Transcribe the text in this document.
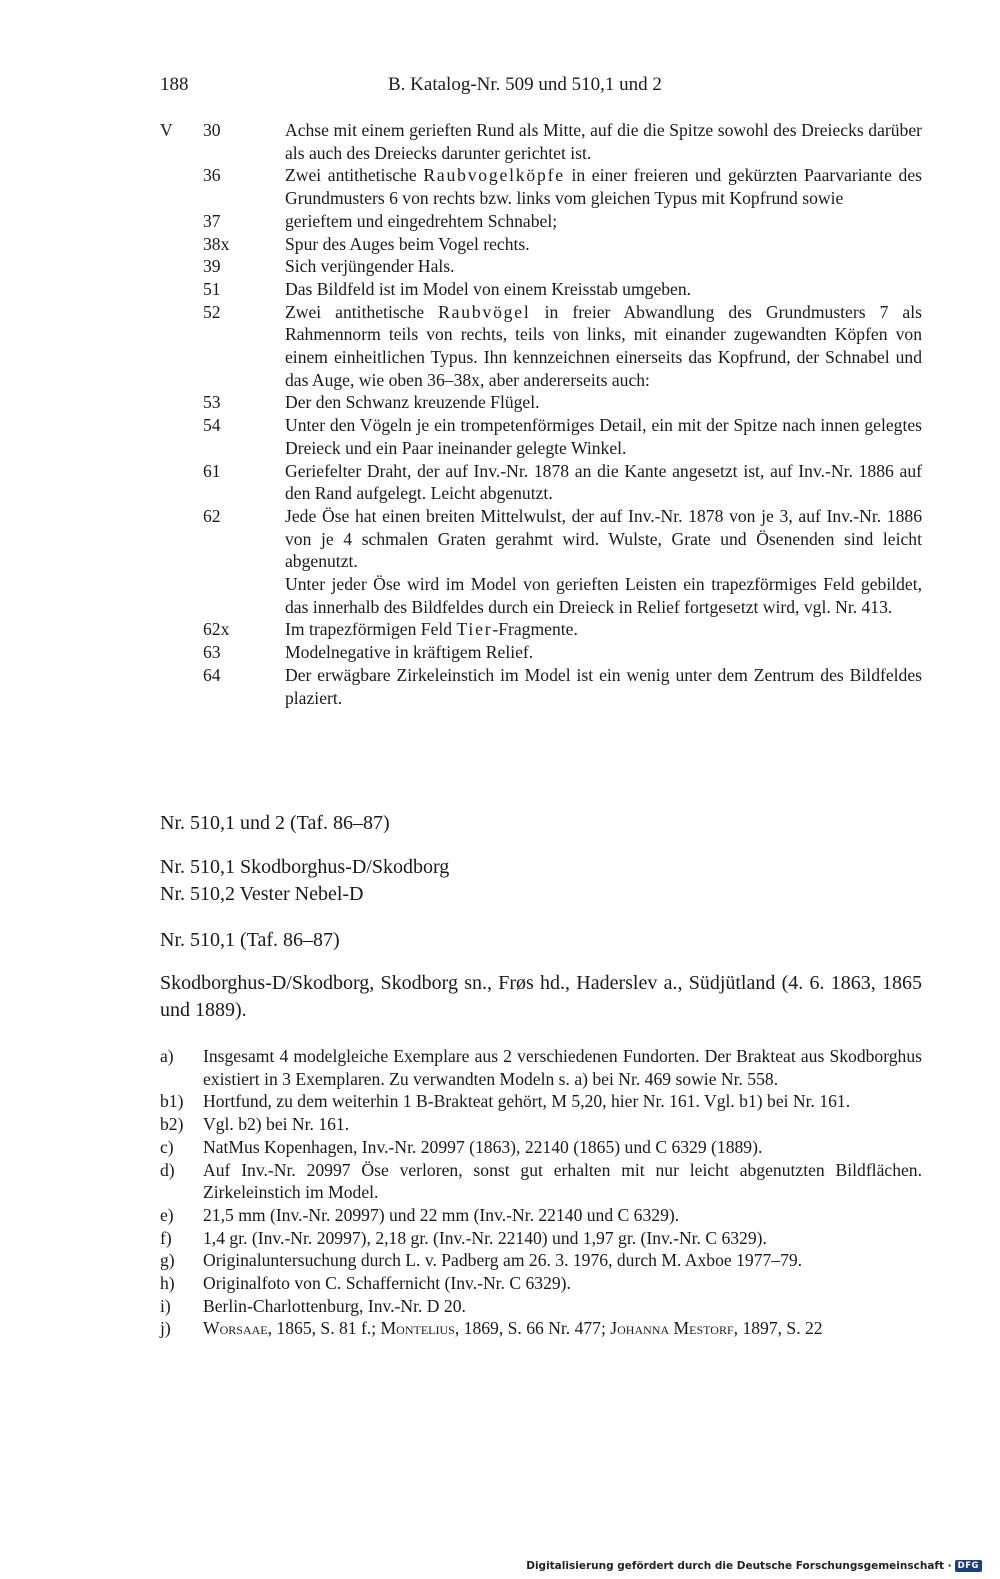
188	B. Katalog-Nr. 509 und 510,1 und 2
V 30	Achse mit einem gerieften Rund als Mitte, auf die die Spitze sowohl des Dreiecks darüber als auch des Dreiecks darunter gerichtet ist.
36	Zwei antithetische Raubvogelköpfe in einer freieren und gekürzten Paarvariante des Grundmusters 6 von rechts bzw. links vom gleichen Typus mit Kopfrund sowie
37	gerieftem und eingedrehtem Schnabel;
38x	Spur des Auges beim Vogel rechts.
39	Sich verjüngender Hals.
51	Das Bildfeld ist im Model von einem Kreisstab umgeben.
52	Zwei antithetische Raubvögel in freier Abwandlung des Grundmusters 7 als Rahmennorm teils von rechts, teils von links, mit einander zugewandten Köpfen von einem einheitlichen Typus. Ihn kennzeichnen einerseits das Kopfrund, der Schnabel und das Auge, wie oben 36–38x, aber andererseits auch:
53	Der den Schwanz kreuzende Flügel.
54	Unter den Vögeln je ein trompetenförmiges Detail, ein mit der Spitze nach innen gelegtes Dreieck und ein Paar ineinander gelegte Winkel.
61	Geriefelter Draht, der auf Inv.-Nr. 1878 an die Kante angesetzt ist, auf Inv.-Nr. 1886 auf den Rand aufgelegt. Leicht abgenutzt.
62	Jede Öse hat einen breiten Mittelwulst, der auf Inv.-Nr. 1878 von je 3, auf Inv.-Nr. 1886 von je 4 schmalen Graten gerahmt wird. Wulste, Grate und Ösenenden sind leicht abgenutzt.

Unter jeder Öse wird im Model von gerieften Leisten ein trapezförmiges Feld gebildet, das innerhalb des Bildfeldes durch ein Dreieck in Relief fortgesetzt wird, vgl. Nr. 413.

62x	Im trapezförmigen Feld Tier-Fragmente.
63	Modelnegative in kräftigem Relief.
64	Der erwägbare Zirkeleinstich im Model ist ein wenig unter dem Zentrum des Bildfeldes plaziert.
Nr. 510,1 und 2 (Taf. 86–87)
Nr. 510,1 Skodborghus-D/Skodborg
Nr. 510,2 Vester Nebel-D
Nr. 510,1 (Taf. 86–87)
Skodborghus-D/Skodborg, Skodborg sn., Frøs hd., Haderslev a., Südjütland (4. 6. 1863, 1865 und 1889).
a) Insgesamt 4 modelgleiche Exemplare aus 2 verschiedenen Fundorten. Der Brakteat aus Skodborghus existiert in 3 Exemplaren. Zu verwandten Modeln s. a) bei Nr. 469 sowie Nr. 558.
b1) Hortfund, zu dem weiterhin 1 B-Brakteat gehört, M 5,20, hier Nr. 161. Vgl. b1) bei Nr. 161.
b2) Vgl. b2) bei Nr. 161.
c) NatMus Kopenhagen, Inv.-Nr. 20997 (1863), 22140 (1865) und C 6329 (1889).
d) Auf Inv.-Nr. 20997 Öse verloren, sonst gut erhalten mit nur leicht abgenutzten Bildflächen. Zirkeleinstich im Model.
e) 21,5 mm (Inv.-Nr. 20997) und 22 mm (Inv.-Nr. 22140 und C 6329).
f) 1,4 gr. (Inv.-Nr. 20997), 2,18 gr. (Inv.-Nr. 22140) und 1,97 gr. (Inv.-Nr. C 6329).
g) Originaluntersuchung durch L. v. Padberg am 26. 3. 1976, durch M. Axboe 1977–79.
h) Originalfoto von C. Schaffernicht (Inv.-Nr. C 6329).
i) Berlin-Charlottenburg, Inv.-Nr. D 20.
j) Worsaae, 1865, S. 81 f.; Montelius, 1869, S. 66 Nr. 477; Johanna Mestorf, 1897, S. 22
Digitalisierung gefördert durch die Deutsche Forschungsgemeinschaft · DFG
